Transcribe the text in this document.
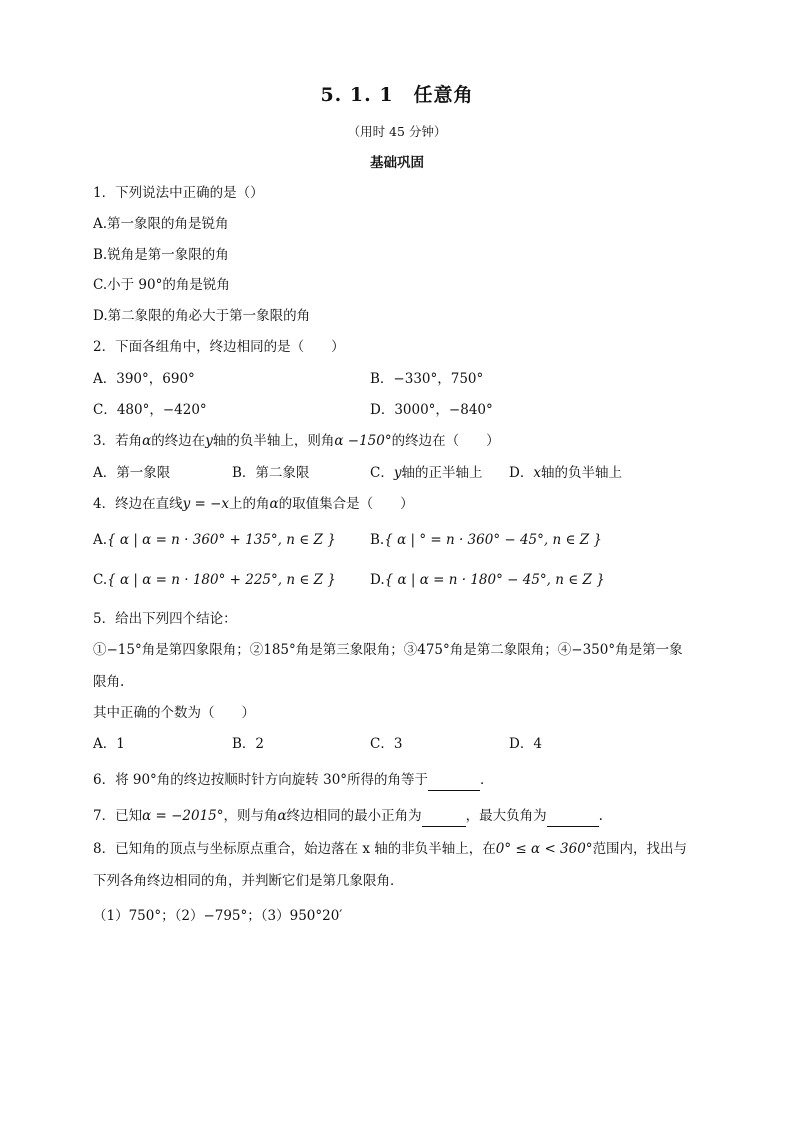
5. 1. 1　任意角
（用时 45 分钟）
基础巩固
1．下列说法中正确的是（）
A.第一象限的角是锐角
B.锐角是第一象限的角
C.小于 90°的角是锐角
D.第二象限的角必大于第一象限的角
2．下面各组角中，终边相同的是（　　）
A．390°，690°	B．−330°，750°
C．480°，−420°	D．3000°，−840°
3．若角α的终边在y轴的负半轴上，则角α −150°的终边在（　　）
A．第一象限	B．第二象限	C．y轴的正半轴上 D．x轴的负半轴上
4．终边在直线y = −x上的角α的取值集合是（　　）
A.{ α | α = n · 360° + 135°, n ∈ Z }	B.{ α | ° = n · 360° − 45°, n ∈ Z }
C.{ α | α = n · 180° + 225°, n ∈ Z }	D.{ α | α = n · 180° − 45°, n ∈ Z }
5．给出下列四个结论：
①−15°角是第四象限角；②185°角是第三象限角；③475°角是第二象限角；④−350°角是第一象
限角.
其中正确的个数为（　　）
A．1	B．2	C．3	D．4
6．将 90°角的终边按顺时针方向旋转 30°所得的角等于	．
7．已知α = −2015°，则与角α终边相同的最小正角为	，最大负角为	.
8．已知角的顶点与坐标原点重合，始边落在 x 轴的非负半轴上，在0° ≤ α < 360°范围内，找出与
下列各角终边相同的角，并判断它们是第几象限角．
（1）750°；（2）−795°；（3）950°20′
